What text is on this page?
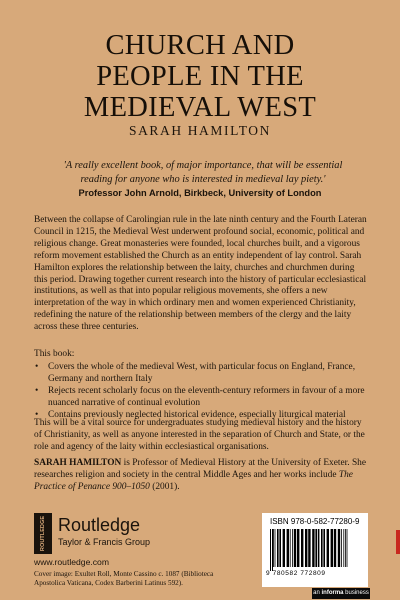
CHURCH AND
PEOPLE IN THE
MEDIEVAL WEST
SARAH HAMILTON
'A really excellent book, of major importance, that will be essential reading for anyone who is interested in medieval lay piety.'
Professor John Arnold, Birkbeck, University of London
Between the collapse of Carolingian rule in the late ninth century and the Fourth Lateran Council in 1215, the Medieval West underwent profound social, economic, political and religious change. Great monasteries were founded, local churches built, and a vigorous reform movement established the Church as an entity independent of lay control. Sarah Hamilton explores the relationship between the laity, churches and churchmen during this period. Drawing together current research into the history of particular ecclesiastical institutions, as well as that into popular religious movements, she offers a new interpretation of the way in which ordinary men and women experienced Christianity, redefining the nature of the relationship between members of the clergy and the laity across these three centuries.
This book:
• Covers the whole of the medieval West, with particular focus on England, France, Germany and northern Italy
• Rejects recent scholarly focus on the eleventh-century reformers in favour of a more nuanced narrative of continual evolution
• Contains previously neglected historical evidence, especially liturgical material
This will be a vital source for undergraduates studying medieval history and the history of Christianity, as well as anyone interested in the separation of Church and State, or the role and agency of the laity within ecclesiastical organisations.
SARAH HAMILTON is Professor of Medieval History at the University of Exeter. She researches religion and society in the central Middle Ages and her works include The Practice of Penance 900–1050 (2001).
ROUTLEDGE Routledge
Taylor & Francis Group
www.routledge.com
Cover image: Exultet Roll, Monte Cassino c. 1087 (Biblioteca Apostolica Vaticana, Codex Barberini Latinus 592).
ISBN 978-0-582-77280-9
9 780582 772809
an informa business
